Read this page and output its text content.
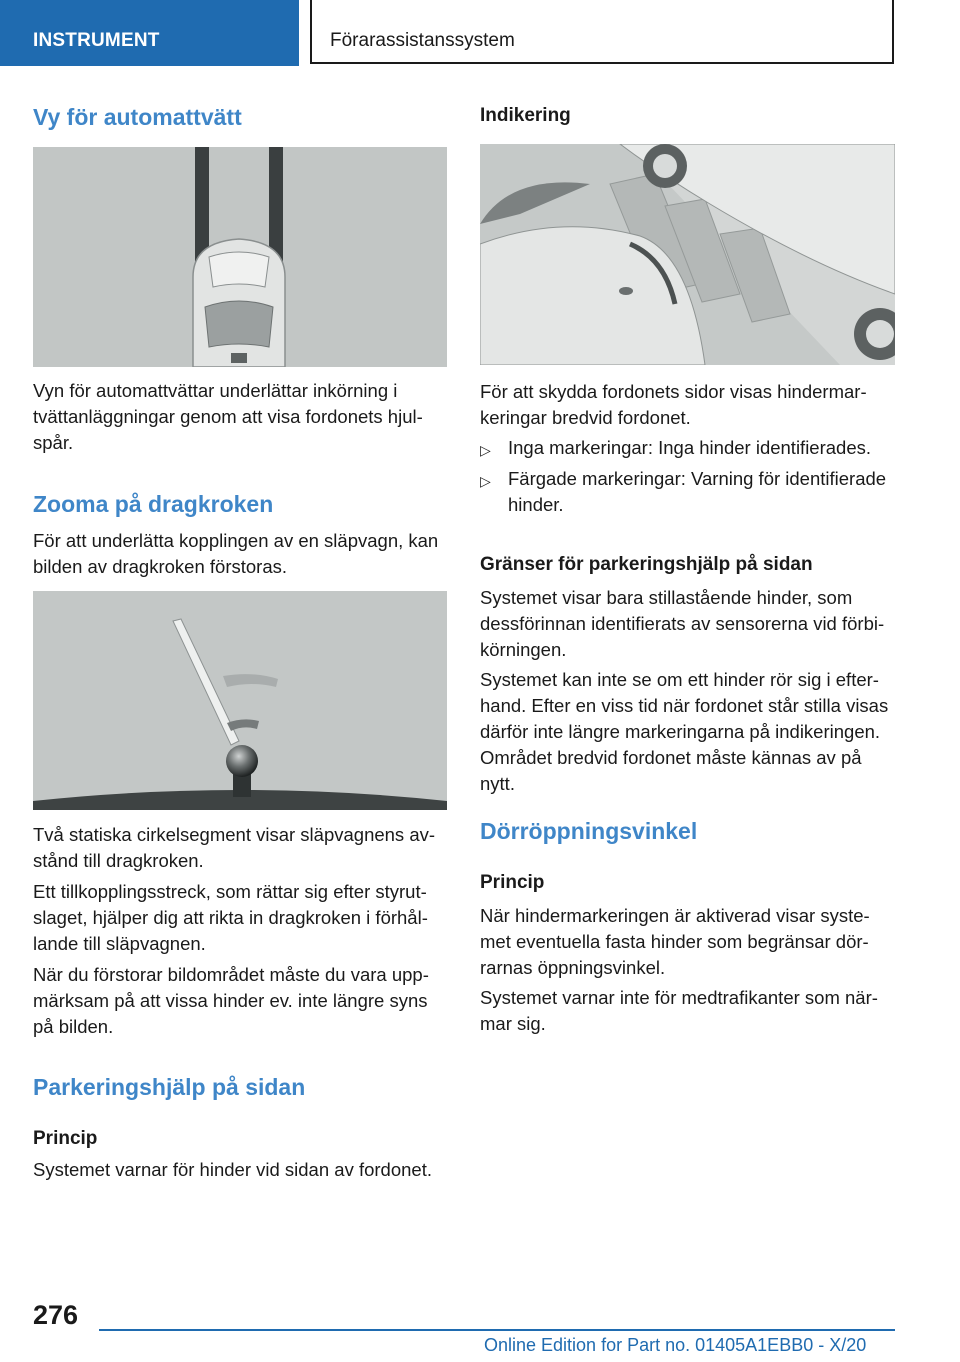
INSTRUMENT	Förarassistanssystem
Vy för automattvätt
Vyn för automattvättar underlättar inkörning i
tvättanläggningar genom att visa fordonets hjul-
spår.
Zooma på dragkroken
För att underlätta kopplingen av en släpvagn, kan
bilden av dragkroken förstoras.
Två statiska cirkelsegment visar släpvagnens av-
stånd till dragkroken.
Ett tillkopplingsstreck, som rättar sig efter styrut-
slaget, hjälper dig att rikta in dragkroken i förhål-
lande till släpvagnen.
När du förstorar bildområdet måste du vara upp-
märksam på att vissa hinder ev. inte längre syns
på bilden.
Parkeringshjälp på sidan
Princip
Systemet varnar för hinder vid sidan av fordonet.
Indikering
För att skydda fordonets sidor visas hindermar-
keringar bredvid fordonet.
▷ Inga markeringar: Inga hinder identifierades.
▷ Färgade markeringar: Varning för identifierade
hinder.
Gränser för parkeringshjälp på sidan
Systemet visar bara stillastående hinder, som
dessförinnan identifierats av sensorerna vid förbi-
körningen.
Systemet kan inte se om ett hinder rör sig i efter-
hand. Efter en viss tid när fordonet står stilla visas
därför inte längre markeringarna på indikeringen.
Området bredvid fordonet måste kännas av på
nytt.
Dörröppningsvinkel
Princip
När hindermarkeringen är aktiverad visar syste-
met eventuella fasta hinder som begränsar dör-
rarnas öppningsvinkel.
Systemet varnar inte för medtrafikanter som när-
mar sig.
276
Online Edition for Part no. 01405A1EBB0 - X/20
